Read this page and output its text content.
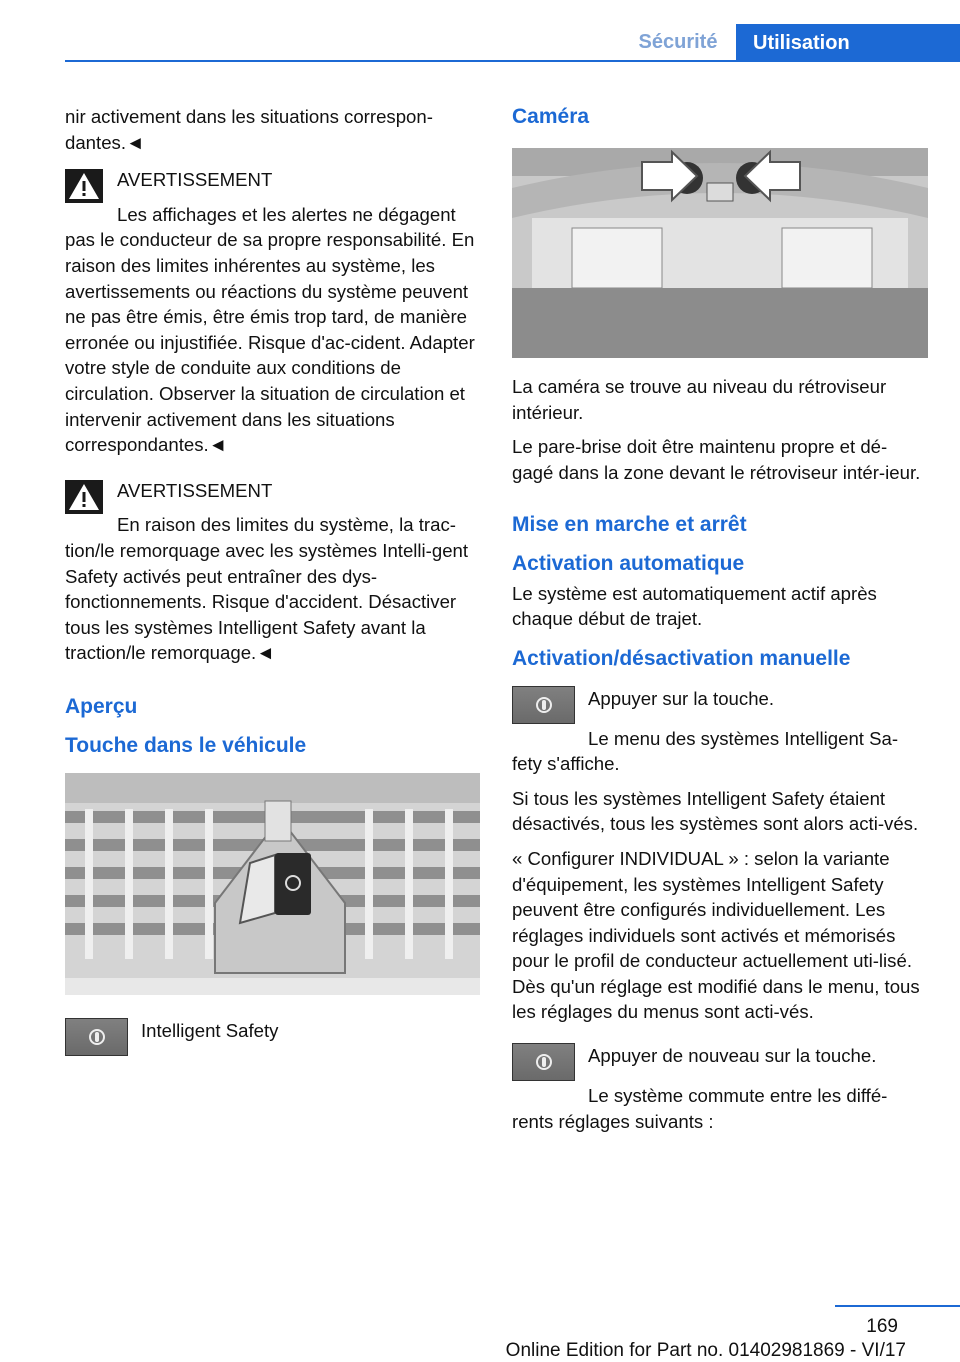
Sécurité	Utilisation

nir activement dans les situations correspon‐dantes.◄

AVERTISSEMENT

Les affichages et les alertes ne dégagent pas le conducteur de sa propre responsabilité. En raison des limites inhérentes au système, les avertissements ou réactions du système peuvent ne pas être émis, être émis trop tard, de manière erronée ou injustifiée. Risque d'ac‐cident. Adapter votre style de conduite aux conditions de circulation. Observer la situation de circulation et intervenir activement dans les situations correspondantes.◄

AVERTISSEMENT

En raison des limites du système, la trac‐tion/le remorquage avec les systèmes Intelli‐gent Safety activés peut entraîner des dys‐fonctionnements. Risque d'accident. Désactiver tous les systèmes Intelligent Safety avant la traction/le remorquage.◄

Aperçu
Touche dans le véhicule

Intelligent Safety

Caméra

La caméra se trouve au niveau du rétroviseur intérieur.

Le pare-brise doit être maintenu propre et dé‐gagé dans la zone devant le rétroviseur intér‐ieur.

Mise en marche et arrêt
Activation automatique

Le système est automatiquement actif après chaque début de trajet.

Activation/désactivation manuelle

Appuyer sur la touche.

Le menu des systèmes Intelligent Sa‐fety s'affiche.

Si tous les systèmes Intelligent Safety étaient désactivés, tous les systèmes sont alors acti‐vés.

« Configurer INDIVIDUAL » : selon la variante d'équipement, les systèmes Intelligent Safety peuvent être configurés individuellement. Les réglages individuels sont activés et mémorisés pour le profil de conducteur actuellement uti‐lisé. Dès qu'un réglage est modifié dans le menu, tous les réglages du menus sont acti‐vés.

Appuyer de nouveau sur la touche.

Le système commute entre les diffé‐rents réglages suivants :

169
Online Edition for Part no. 01402981869 - VI/17
